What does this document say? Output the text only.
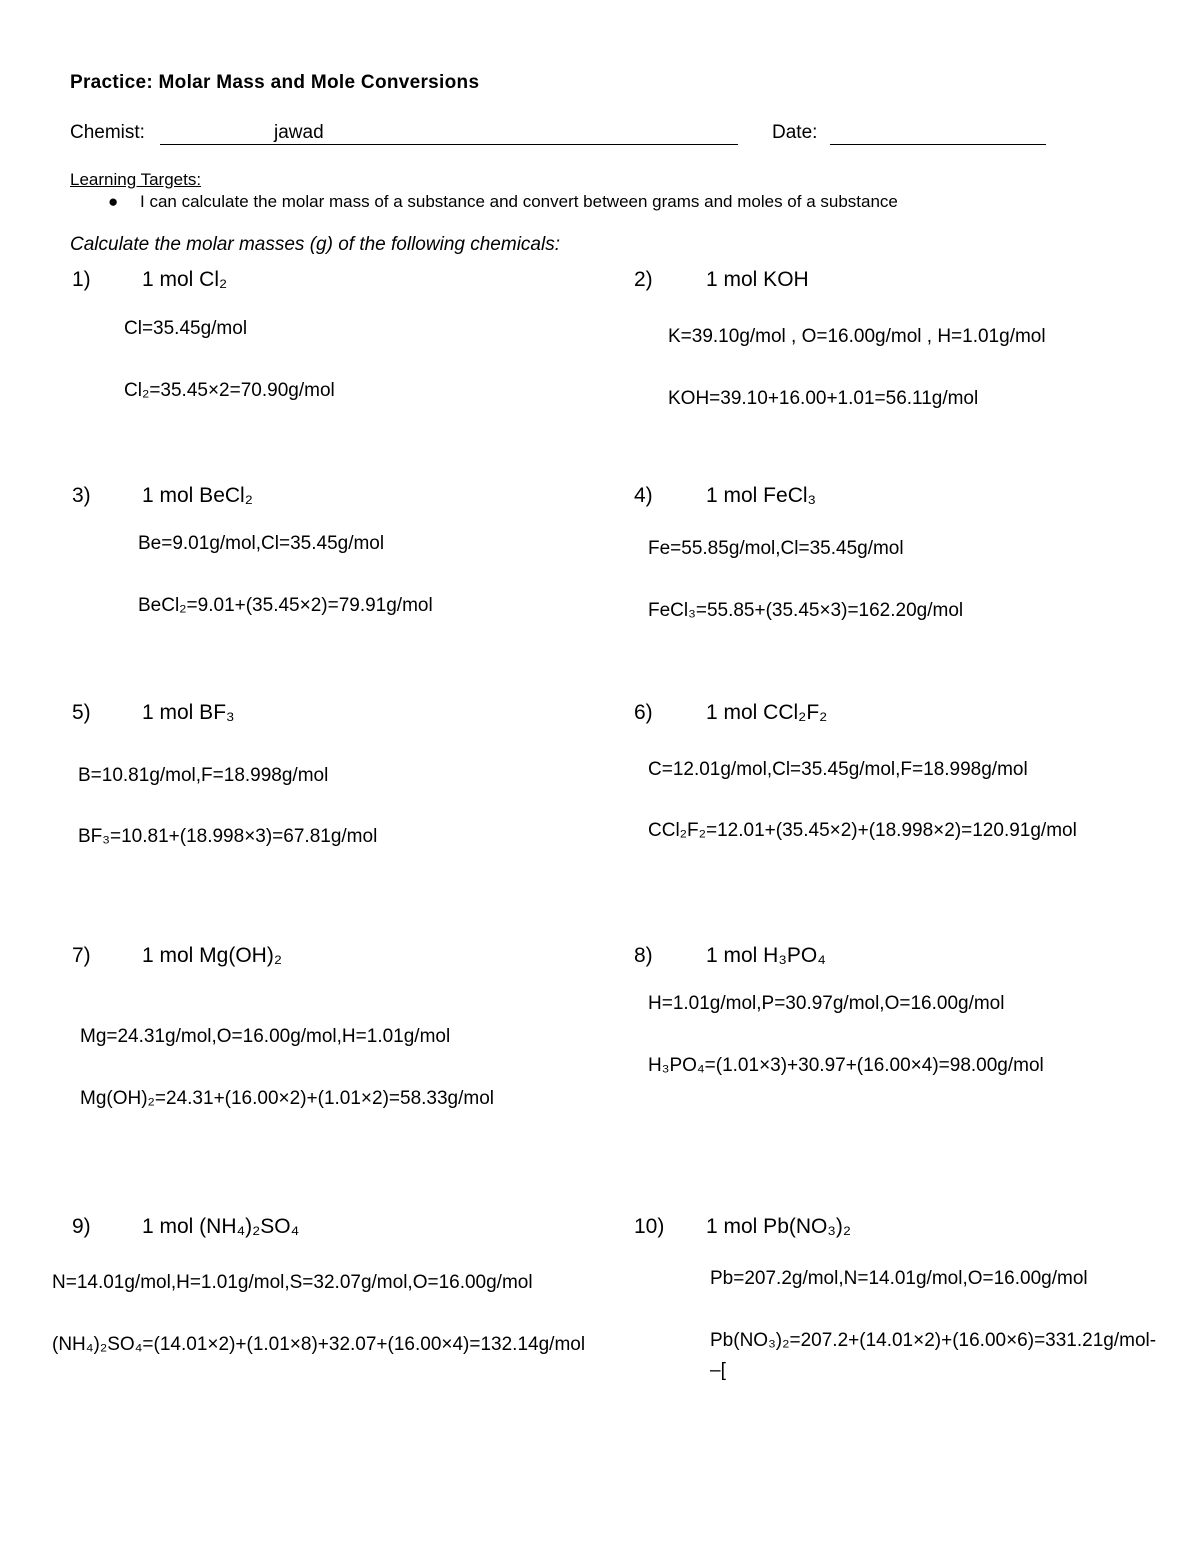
Practice: Molar Mass and Mole Conversions
Chemist:	jawad	Date:
Learning Targets:
● I can calculate the molar mass of a substance and convert between grams and moles of a substance
Calculate the molar masses (g) of the following chemicals:
1) 1 mol Cl₂
Cl=35.45g/mol
Cl₂=35.45×2=70.90g/mol
2)	1 mol KOH
K=39.10g/mol , O=16.00g/mol , H=1.01g/mol
KOH=39.10+16.00+1.01=56.11g/mol
3) 1 mol BeCl₂
Be=9.01g/mol,Cl=35.45g/mol
BeCl₂=9.01+(35.45×2)=79.91g/mol
4)	1 mol FeCl₃
Fe=55.85g/mol,Cl=35.45g/mol
FeCl₃=55.85+(35.45×3)=162.20g/mol
5) 1 mol BF₃
B=10.81g/mol,F=18.998g/mol
BF₃=10.81+(18.998×3)=67.81g/mol
6)	1 mol CCl₂F₂
C=12.01g/mol,Cl=35.45g/mol,F=18.998g/mol
CCl₂F₂=12.01+(35.45×2)+(18.998×2)=120.91g/mol
7) 1 mol Mg(OH)₂
Mg=24.31g/mol,O=16.00g/mol,H=1.01g/mol
Mg(OH)₂=24.31+(16.00×2)+(1.01×2)=58.33g/mol
8)	1 mol H₃PO₄
H=1.01g/mol,P=30.97g/mol,O=16.00g/mol
H₃PO₄=(1.01×3)+30.97+(16.00×4)=98.00g/mol
9) 1 mol (NH₄)₂SO₄
N=14.01g/mol,H=1.01g/mol,S=32.07g/mol,O=16.00g/mol
(NH₄)₂SO₄=(14.01×2)+(1.01×8)+32.07+(16.00×4)=132.14g/mol
10) 1 mol Pb(NO₃)₂
Pb=207.2g/mol,N=14.01g/mol,O=16.00g/mol
Pb(NO₃)₂=207.2+(14.01×2)+(16.00×6)=331.21g/mol-
–[
